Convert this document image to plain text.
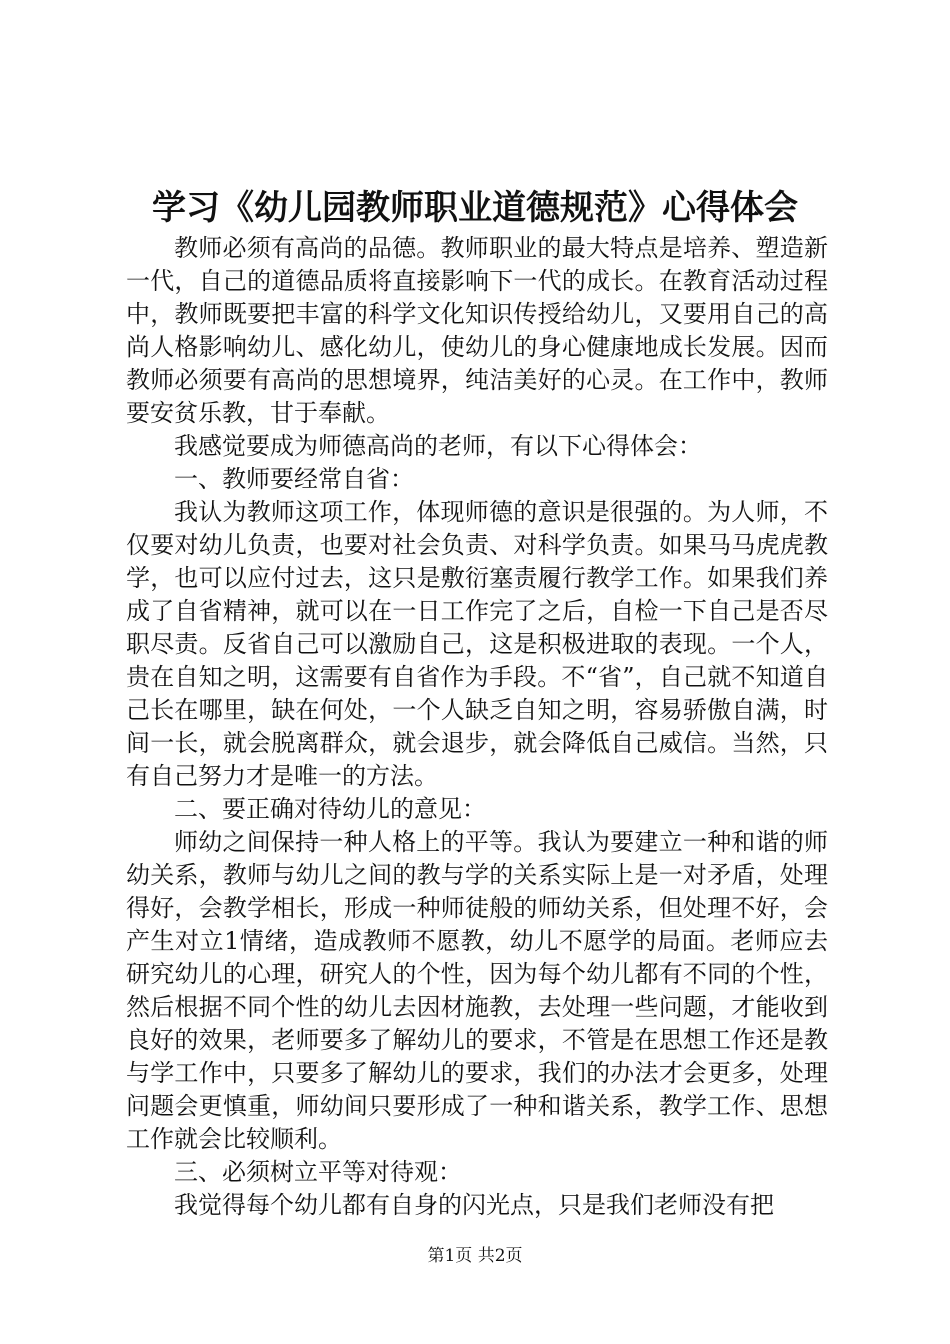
学习《幼儿园教师职业道德规范》心得体会

教师必须有高尚的品德。教师职业的最大特点是培养、塑造新一代，自己的道德品质将直接影响下一代的成长。在教育活动过程中，教师既要把丰富的科学文化知识传授给幼儿，又要用自己的高尚人格影响幼儿、感化幼儿，使幼儿的身心健康地成长发展。因而教师必须要有高尚的思想境界，纯洁美好的心灵。在工作中，教师要安贫乐教，甘于奉献。

我感觉要成为师德高尚的老师，有以下心得体会：

一、教师要经常自省：

我认为教师这项工作，体现师德的意识是很强的。为人师，不仅要对幼儿负责，也要对社会负责、对科学负责。如果马马虎虎教学，也可以应付过去，这只是敷衍塞责履行教学工作。如果我们养成了自省精神，就可以在一日工作完了之后，自检一下自己是否尽职尽责。反省自己可以激励自己，这是积极进取的表现。一个人，贵在自知之明，这需要有自省作为手段。不“省”，自己就不知道自己长在哪里，缺在何处，一个人缺乏自知之明，容易骄傲自满，时间一长，就会脱离群众，就会退步，就会降低自己威信。当然，只有自己努力才是唯一的方法。

二、要正确对待幼儿的意见：

师幼之间保持一种人格上的平等。我认为要建立一种和谐的师幼关系，教师与幼儿之间的教与学的关系实际上是一对矛盾，处理得好，会教学相长，形成一种师徒般的师幼关系，但处理不好，会产生对立1情绪，造成教师不愿教，幼儿不愿学的局面。老师应去研究幼儿的心理，研究人的个性，因为每个幼儿都有不同的个性，然后根据不同个性的幼儿去因材施教，去处理一些问题，才能收到良好的效果，老师要多了解幼儿的要求，不管是在思想工作还是教与学工作中，只要多了解幼儿的要求，我们的办法才会更多，处理问题会更慎重，师幼间只要形成了一种和谐关系，教学工作、思想工作就会比较顺利。

三、必须树立平等对待观：

我觉得每个幼儿都有自身的闪光点，只是我们老师没有把

第1页 共2页
